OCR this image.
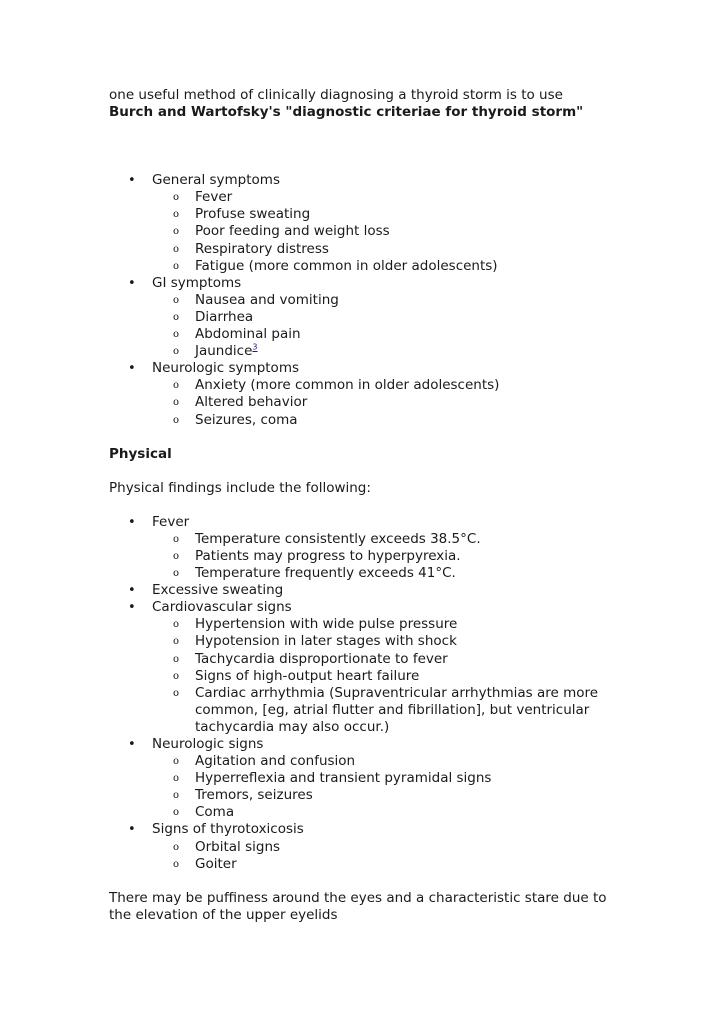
one useful method of clinically diagnosing a thyroid storm is to use

Burch and Wartofsky's "diagnostic criteriae for thyroid storm"

• General symptoms
o Fever
o Profuse sweating
o Poor feeding and weight loss
o Respiratory distress
o Fatigue (more common in older adolescents)
• GI symptoms
o Nausea and vomiting
o Diarrhea
o Abdominal pain
o Jaundice$^3$
• Neurologic symptoms
o Anxiety (more common in older adolescents)
o Altered behavior
o Seizures, coma

Physical

Physical findings include the following:

• Fever
o Temperature consistently exceeds 38.5°C.
o Patients may progress to hyperpyrexia.
o Temperature frequently exceeds 41°C.
• Excessive sweating
• Cardiovascular signs
o Hypertension with wide pulse pressure
o Hypotension in later stages with shock
o Tachycardia disproportionate to fever
o Signs of high-output heart failure
o Cardiac arrhythmia (Supraventricular arrhythmias are more common, [eg, atrial flutter and fibrillation], but ventricular tachycardia may also occur.)
• Neurologic signs
o Agitation and confusion
o Hyperreflexia and transient pyramidal signs
o Tremors, seizures
o Coma
• Signs of thyrotoxicosis
o Orbital signs
o Goiter

There may be puffiness around the eyes and a characteristic stare due to the elevation of the upper eyelids
